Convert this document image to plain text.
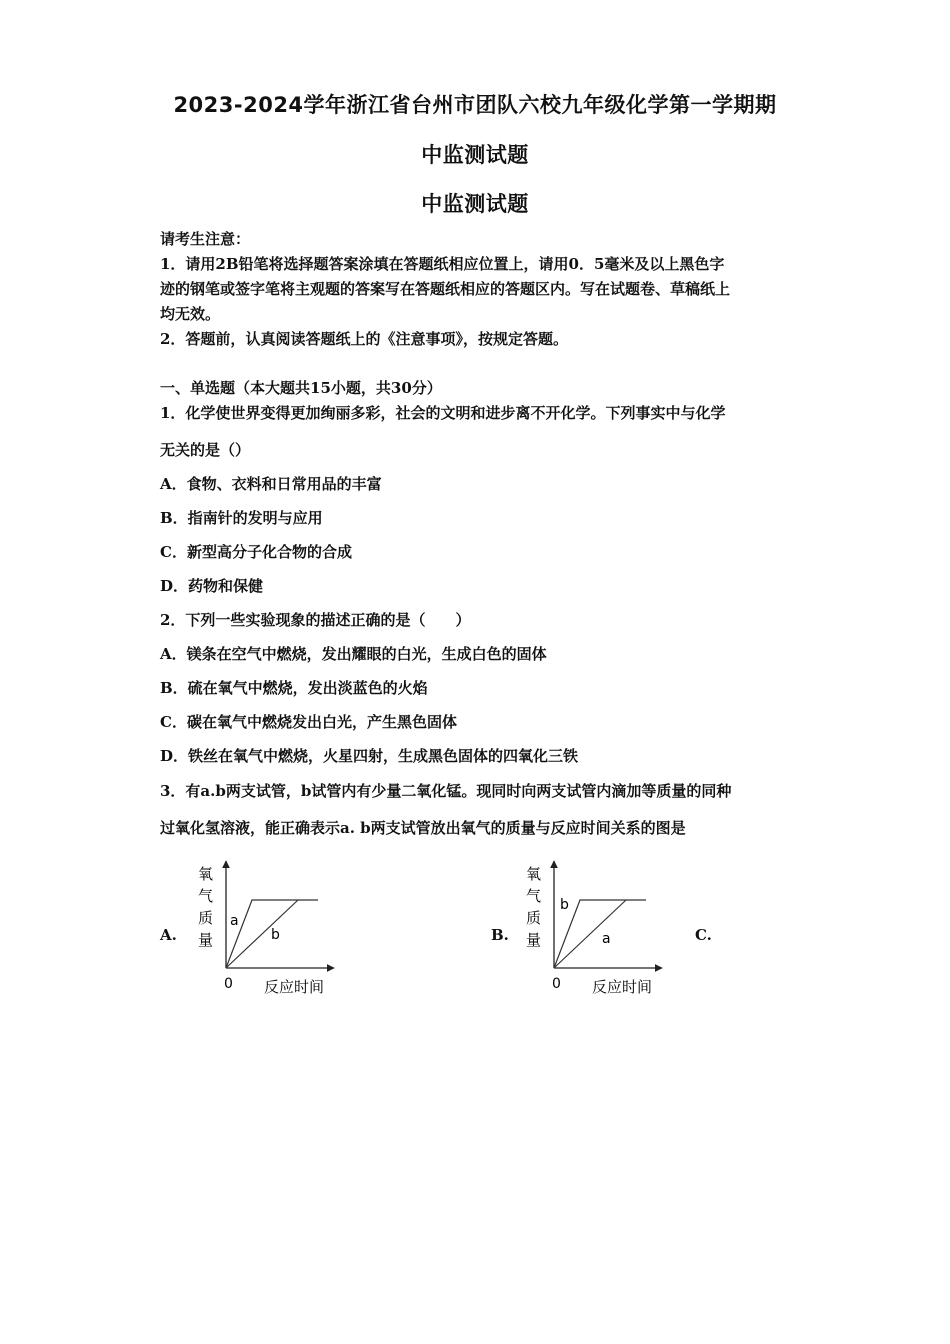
2023-2024学年浙江省台州市团队六校九年级化学第一学期期
中监测试题
中监测试题
请考生注意：
1．请用2B铅笔将选择题答案涂填在答题纸相应位置上，请用0．5毫米及以上黑色字
迹的钢笔或签字笔将主观题的答案写在答题纸相应的答题区内。写在试题卷、草稿纸上
均无效。
2．答题前，认真阅读答题纸上的《注意事项》，按规定答题。
一、单选题（本大题共15小题，共30分）
1．化学使世界变得更加绚丽多彩，社会的文明和进步离不开化学。下列事实中与化学
无关的是（）
A．食物、衣料和日常用品的丰富
B．指南针的发明与应用
C．新型高分子化合物的合成
D．药物和保健
2．下列一些实验现象的描述正确的是（　　）
A．镁条在空气中燃烧，发出耀眼的白光，生成白色的固体
B．硫在氧气中燃烧，发出淡蓝色的火焰
C．碳在氧气中燃烧发出白光，产生黑色固体
D．铁丝在氧气中燃烧，火星四射，生成黑色固体的四氧化三铁
3．有a.b两支试管，b试管内有少量二氧化锰。现同时向两支试管内滴加等质量的同种
过氧化氢溶液，能正确表示a. b两支试管放出氧气的质量与反应时间关系的图是
A.
氧
气
质
量
a
b
0 反应时间
B.
氧
气
质
量
b
a
0 反应时间
C.
